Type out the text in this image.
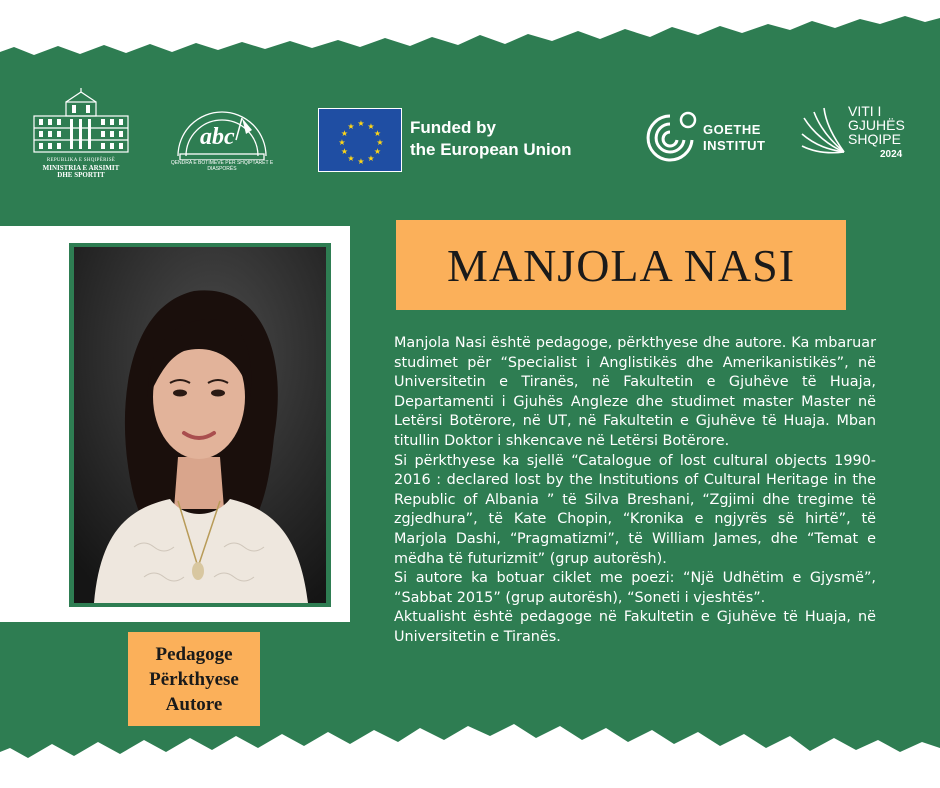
REPUBLIKA E SHQIPËRISË
MINISTRIA E ARSIMIT
DHE SPORTIT
abc
QENDRA E BOTIMEVE PËR SHQIPTARËT E DIASPORËS
★ ★
★
★
★
★
★
★
★
★
★
★	Funded by
the European Union
GOETHE
INSTITUT
VITI I
GJUHËS
SHQIPE
2024
MANJOLA NASI
Pedagoge
Përkthyese
Autore

Manjola Nasi është pedagoge, përkthyese dhe autore. Ka mbaruar studimet për “Specialist i Anglistikës dhe Amerikanistikës”, në Universitetin e Tiranës, në Fakultetin e Gjuhëve të Huaja, Departamenti i Gjuhës Angleze dhe studimet master Master në Letërsi Botërore, në UT, në Fakultetin e Gjuhëve të Huaja. Mban titullin Doktor i shkencave në Letërsi Botërore.

Si përkthyese ka sjellë “Catalogue of lost cultural objects 1990-2016 : declared lost by the Institutions of Cultural Heritage in the Republic of Albania ” të Silva Breshani, “Zgjimi dhe tregime të zgjedhura”, të Kate Chopin, “Kronika e ngjyrës së hirtë”, të Marjola Dashi, “Pragmatizmi”, të William James, dhe “Temat e mëdha të futurizmit” (grup autorësh).

Si autore ka botuar ciklet me poezi: “Një Udhëtim e Gjysmë”, “Sabbat 2015” (grup autorësh), “Soneti i vjeshtës”.

Aktualisht është pedagoge në Fakultetin e Gjuhëve të Huaja, në Universitetin e Tiranës.
